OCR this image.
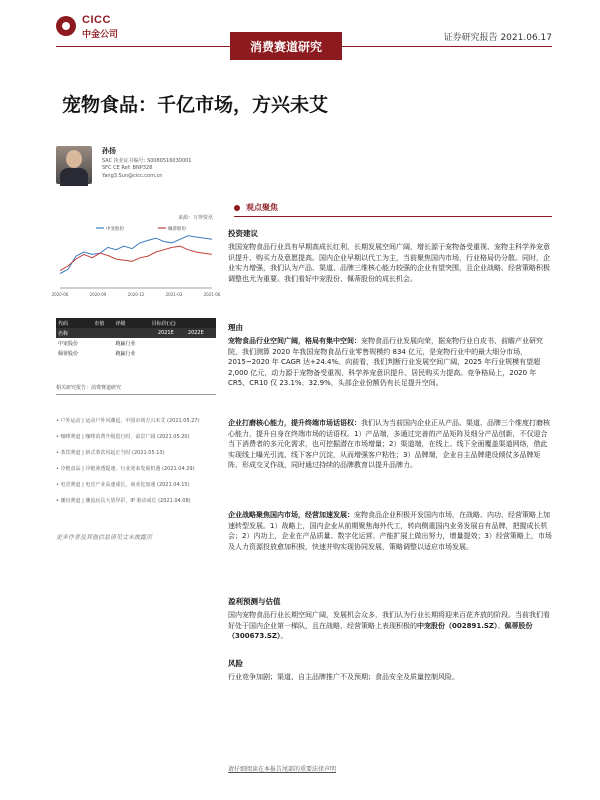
CICC
中金公司
消费赛道研究
证券研究报告 2021.06.17
宠物食品：千亿市场，方兴未艾
孙扬
SAC 执业证书编号: S0080516030001
SFC CE Ref: BNP328
Yang3.Sun@cicc.com.cn
来源：万得资讯
中宠股份	佩蒂股份
2020-06	2020-09	2020-12	2021-03	2021-06
代码	市值	评级	目标价(元)		
名称				2021E	2022E
中宠股份		跑赢行业			
佩蒂股份		跑赢行业			
相关研究报告：消费赛道研究
• 户外运动 | 运动户外风潮起，中国市场方兴未艾 (2021.05.27)
• 咖啡赛道 | 咖啡消费升级进行时，前景广阔 (2021.05.20)
• 茶饮赛道 | 新式茶饮风起正当时 (2021.05.13)
• 冷链食品 | 冷链渗透提速，行业迎来发展机遇 (2021.04.29)
• 电竞赛道 | 电竞产业高速成长，商业化加速 (2021.04.15)
• 潮玩赛道 | 潮流玩具大放异彩，IP 驱动成长 (2021.04.08)
更多作者及其他信息请见文末披露页
观点聚焦
投资建议
我国宠物食品行业具有早期高成长红利，长期发展空间广阔，增长源于宠物备受重视、宠物主科学养宠意识提升、购买力及意愿提高。国内企业早期以代工为主，当前聚焦国内市场，行业格局仍分散。同时，企业实力增强，我们认为产品、渠道、品牌三维核心能力较强的企业有望突围，且企业战略、经营策略积极调整也尤为重要。我们看好中宠股份、佩蒂股份的成长机会。
理由
宠物食品行业空间广阔，格局有集中空间：宠物食品行业发展向荣，据宠物行业白皮书、前瞻产业研究院，我们测算 2020 年我国宠物食品行业零售规模约 834 亿元，是宠物行业中的最大细分市场，2015~2020 年 CAGR 达+24.4%。向前看，我们判断行业发展空间广阔，2025 年行业规模有望超 2,000 亿元，动力源于宠物备受重视、科学养宠意识提升、居民购买力提高。竞争格局上，2020 年 CR5、CR10 仅 23.1%、32.9%，头部企业份额仍有长足提升空间。
企业打磨核心能力，提升终端市场话语权：我们认为当前国内企业正从产品、渠道、品牌三个维度打磨核心能力，提升自身在终端市场的话语权。1）产品端，多通过完善的产品矩阵及细分产品创新，不仅迎合当下消费者的多元化需求，也可挖掘潜在市场增量；2）渠道端，在线上、线下全面覆盖渠道网络，借此实现线上曝光引流、线下客户沉淀，从而增强客户粘性；3）品牌端，企业自主品牌建设倾仗多品牌矩阵，形成交叉作战，同时通过持续的品牌教育以提升品牌力。
企业战略聚焦国内市场，经营加速发展：宠物食品企业积极开发国内市场，在战略、内功、经营策略上加速转型发展。1）战略上，国内企业从前期聚焦海外代工，转向侧重国内业务发展自有品牌，把握成长机会；2）内功上，企业在产品质量、数字化运营、产能扩展上做出努力，增量提效；3）经营策略上，市场及人力资源投放愈加积极，快速并购实现协同发展，策略调整以适应市场发展。
盈利预测与估值
国内宠物食品行业长期空间广阔，发展机会众多，我们认为行业长期将迎来百花齐放的阶段。当前我们看好处于国内企业第一梯队，且在战略、经营策略上表现积极的中宠股份（002891.SZ）、佩蒂股份（300673.SZ）。
风险
行业竞争加剧；渠道、自主品牌推广不及预期；食品安全及质量控制风险。
请仔细阅读在本报告尾部的重要法律声明
